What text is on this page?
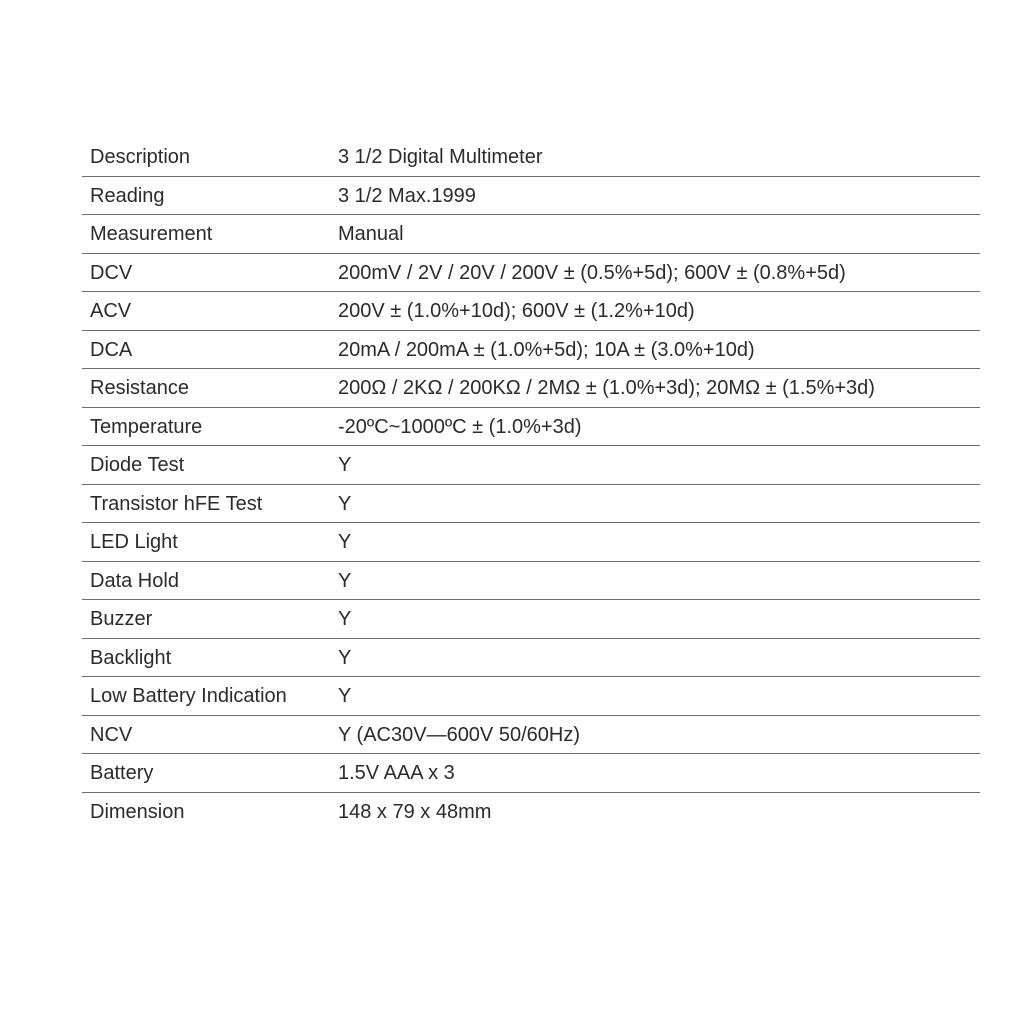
Description	3 1/2 Digital Multimeter
Reading	3 1/2 Max.1999
Measurement	Manual
DCV	200mV / 2V / 20V / 200V ± (0.5%+5d); 600V ± (0.8%+5d)
ACV	200V ± (1.0%+10d); 600V ± (1.2%+10d)
DCA	20mA / 200mA ± (1.0%+5d); 10A ± (3.0%+10d)
Resistance	200Ω / 2KΩ / 200KΩ / 2MΩ ± (1.0%+3d); 20MΩ ± (1.5%+3d)
Temperature	-20ºC~1000ºC ± (1.0%+3d)
Diode Test	Y
Transistor hFE Test	Y
LED Light	Y
Data Hold	Y
Buzzer	Y
Backlight	Y
Low Battery Indication	Y
NCV	Y (AC30V—600V 50/60Hz)
Battery	1.5V AAA x 3
Dimension	148 x 79 x 48mm
